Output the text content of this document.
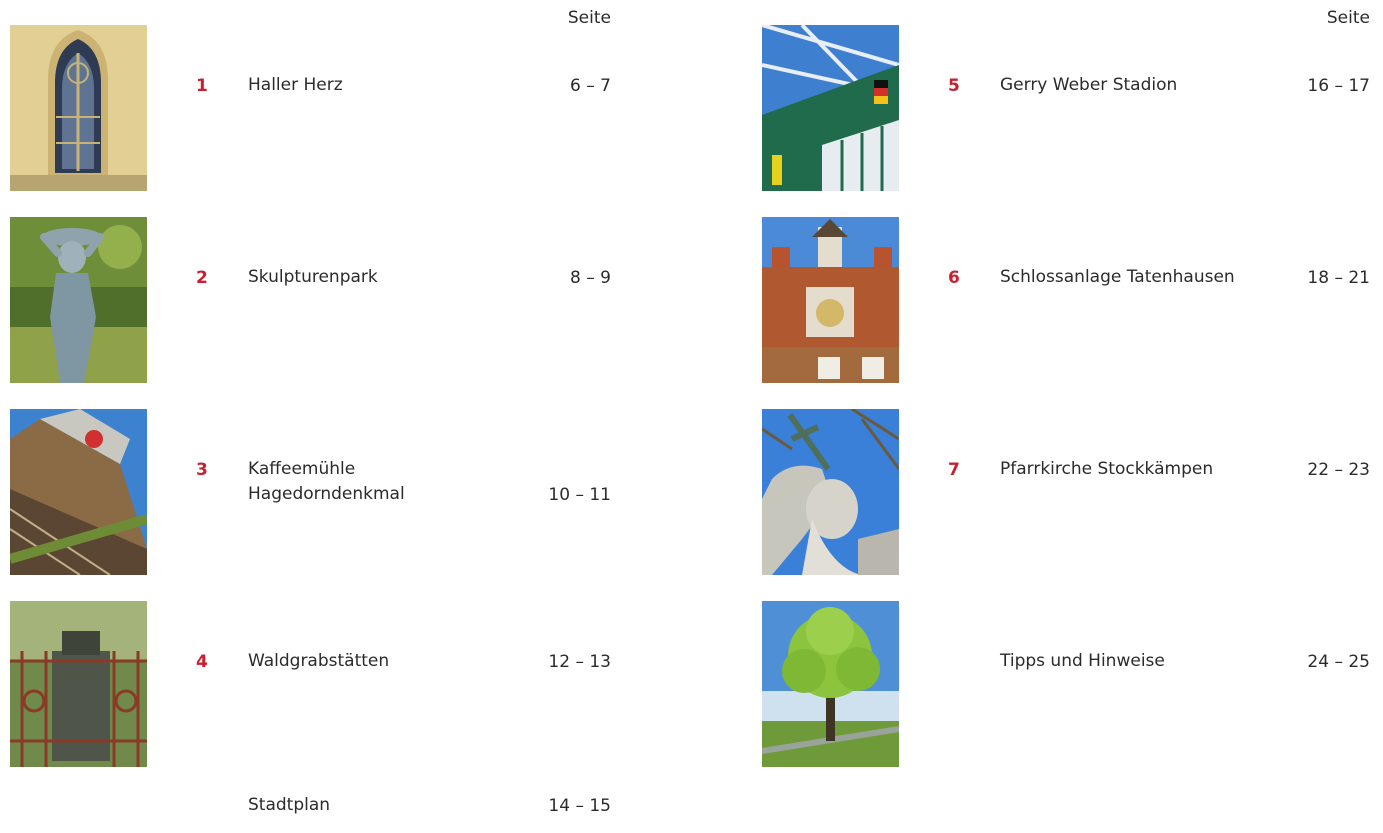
Seite
1 Haller Herz	6 – 7
2 Skulpturenpark	8 – 9
3 Kaffeemühle
Hagedorndenkmal	10 – 11
4 Waldgrabstätten	12 – 13
Stadtplan	14 – 15
Seite
5 Gerry Weber Stadion	16 – 17
6 Schlossanlage Tatenhausen	18 – 21
7 Pfarrkirche Stockkämpen	22 – 23
Tipps und Hinweise	24 – 25
